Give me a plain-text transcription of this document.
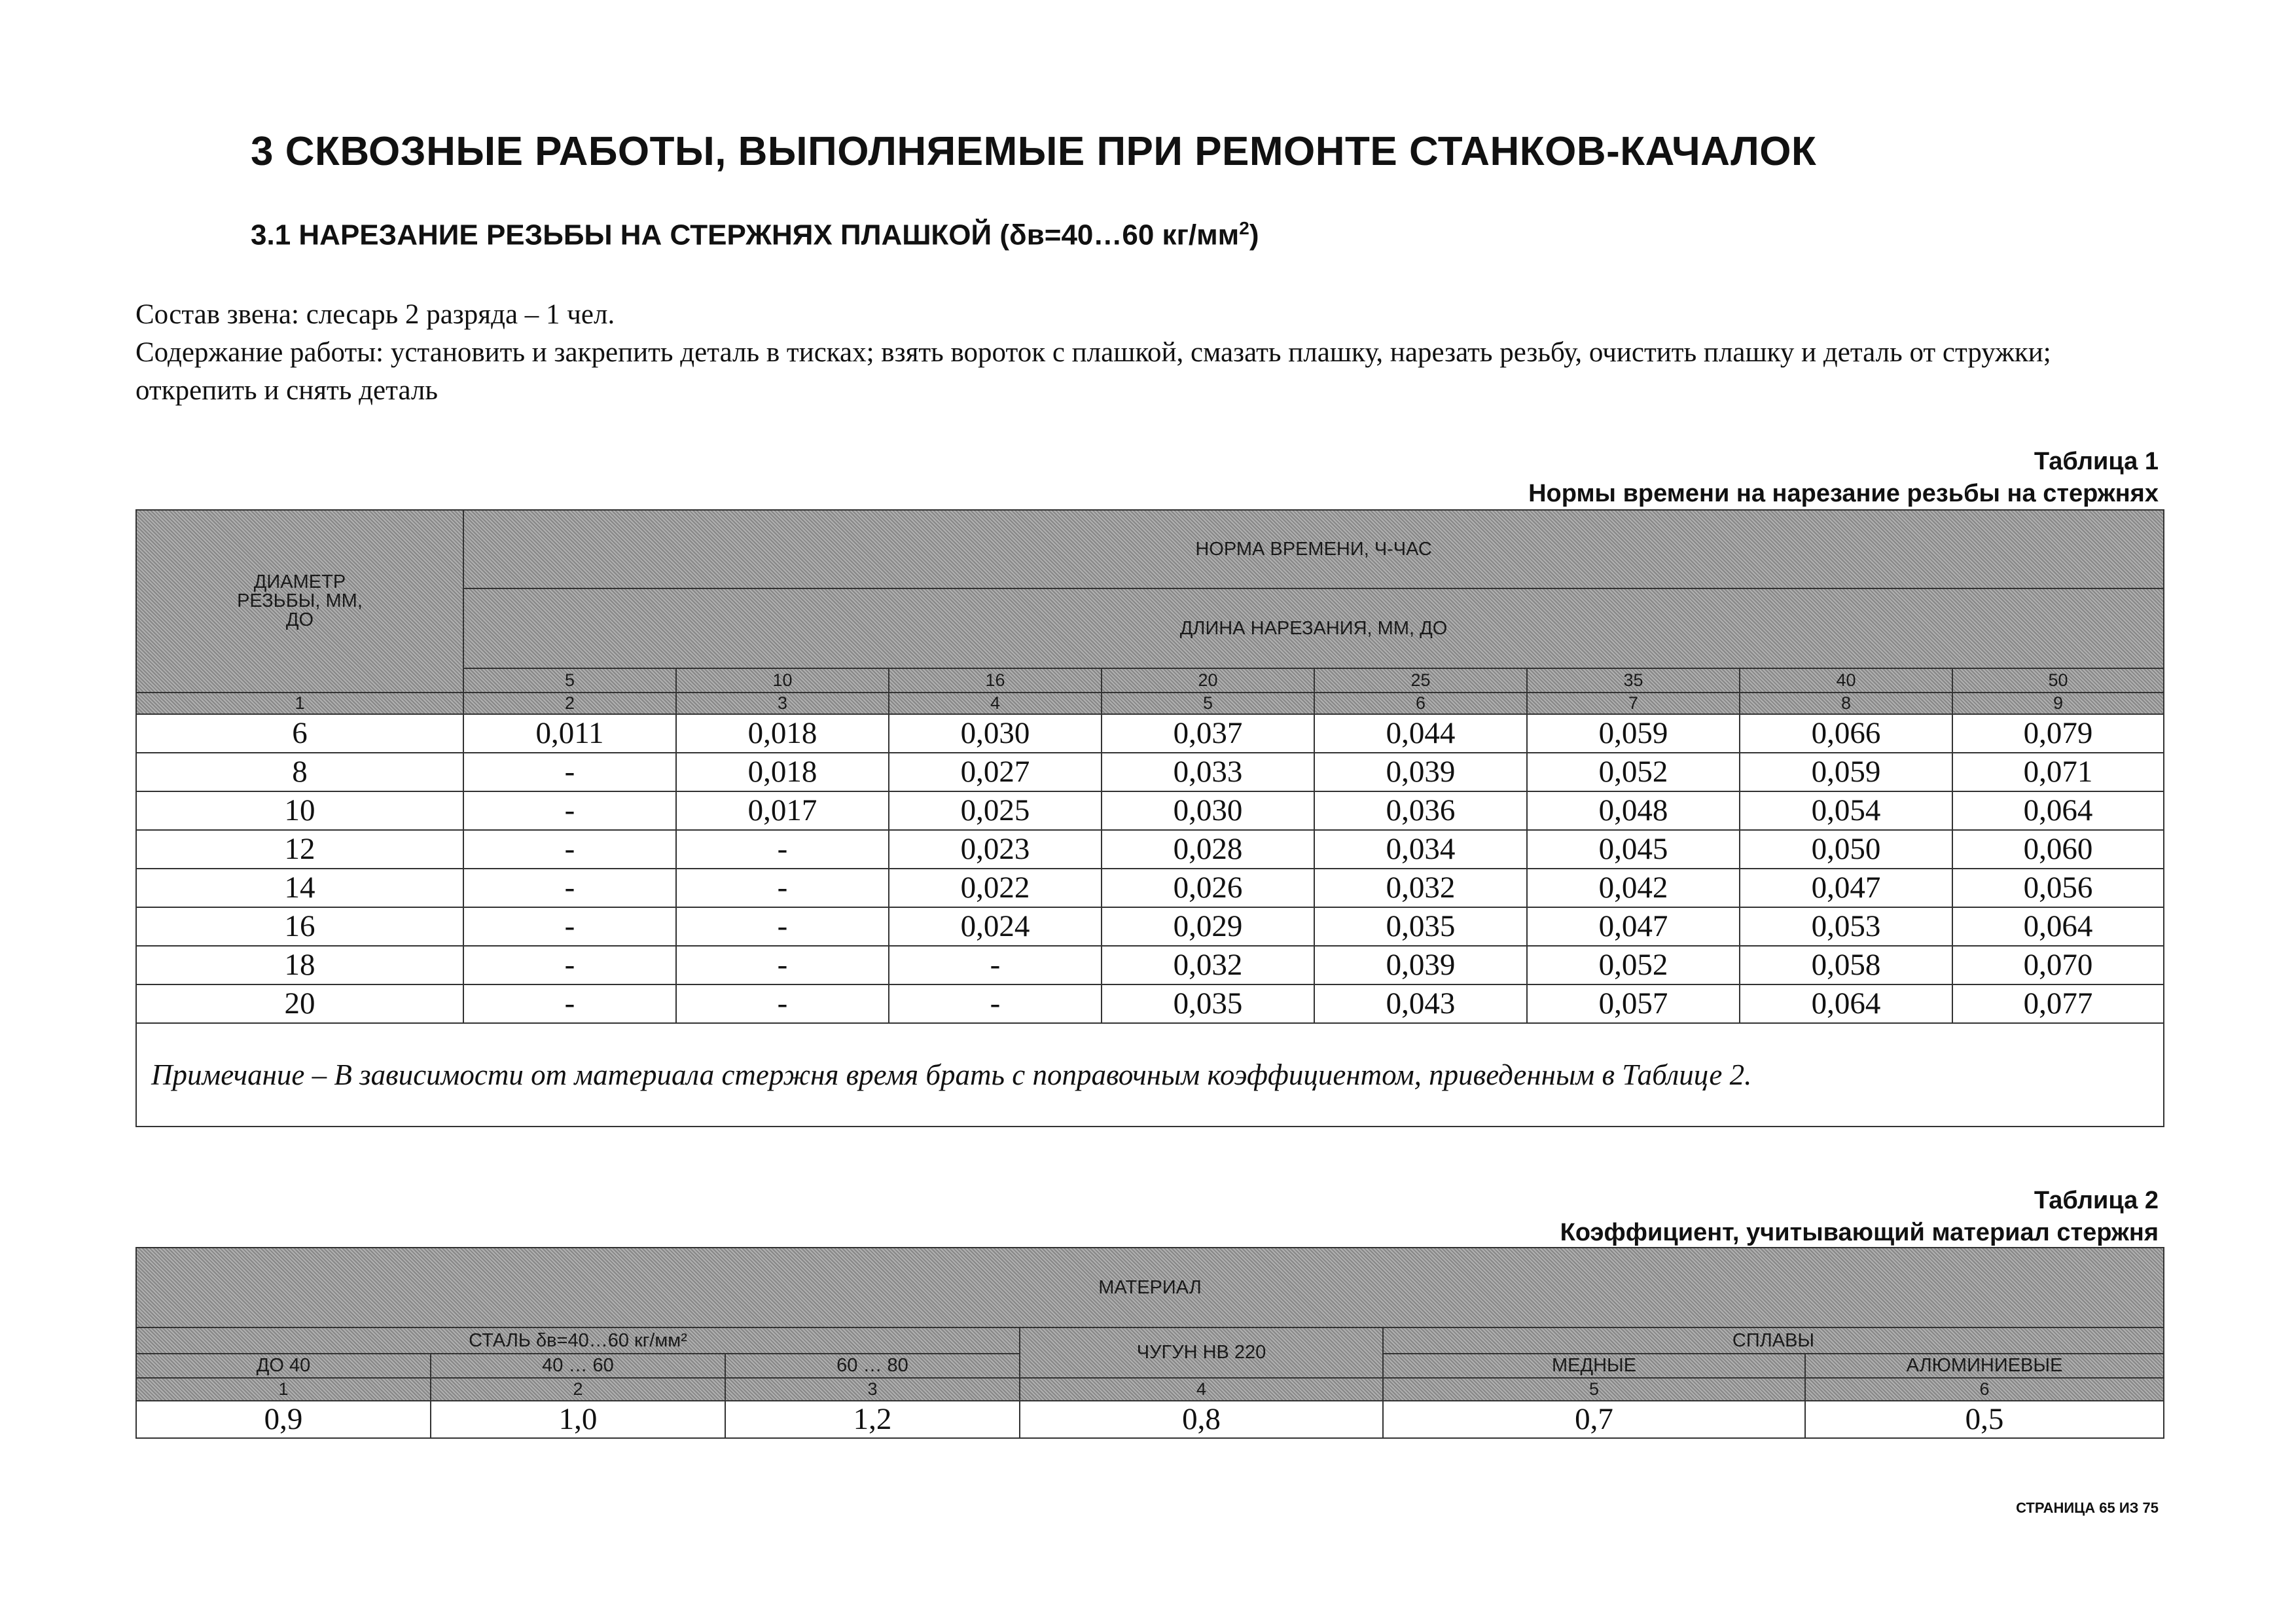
3 СКВОЗНЫЕ РАБОТЫ, ВЫПОЛНЯЕМЫЕ ПРИ РЕМОНТЕ СТАНКОВ-КАЧАЛОК
3.1 НАРЕЗАНИЕ РЕЗЬБЫ НА СТЕРЖНЯХ ПЛАШКОЙ (δв=40…60 $кг/мм^2$)

Состав звена: слесарь 2 разряда – 1 чел.

Содержание работы: установить и закрепить деталь в тисках; взять вороток с плашкой, смазать плашку, нарезать резьбу, очистить плашку и деталь от стружки; открепить и снять деталь

Таблица 1
Нормы времени на нарезание резьбы на стержнях
ДИАМЕТР РЕЗЬБЫ, ММ, ДО	НОРМА ВРЕМЕНИ, Ч-ЧАС							
	ДЛИНА НАРЕЗАНИЯ, ММ, ДО							
	5	10	16	20	25	35	40	50
1	2	3	4	5	6	7	8	9
6	0,011	0,018	0,030	0,037	0,044	0,059	0,066	0,079
8	-	0,018	0,027	0,033	0,039	0,052	0,059	0,071
10	-	0,017	0,025	0,030	0,036	0,048	0,054	0,064
12	-	-	0,023	0,028	0,034	0,045	0,050	0,060
14	-	-	0,022	0,026	0,032	0,042	0,047	0,056
16	-	-	0,024	0,029	0,035	0,047	0,053	0,064
18	-	-	-	0,032	0,039	0,052	0,058	0,070
20	-	-	-	0,035	0,043	0,057	0,064	0,077
Примечание – В зависимости от материала стержня время брать с поправочным коэффициентом, приведенным в Таблице 2.								
Таблица 2
Коэффициент, учитывающий материал стержня
МАТЕРИАЛ					
СТАЛЬ δв=40…60 кг/мм²			ЧУГУН НВ 220	СПЛАВЫ	
ДО 40	40 … 60	60 … 80		МЕДНЫЕ	АЛЮМИНИЕВЫЕ
1	2	3	4	5	6
0,9	1,0	1,2	0,8	0,7	0,5
СТРАНИЦА 65 ИЗ 75
